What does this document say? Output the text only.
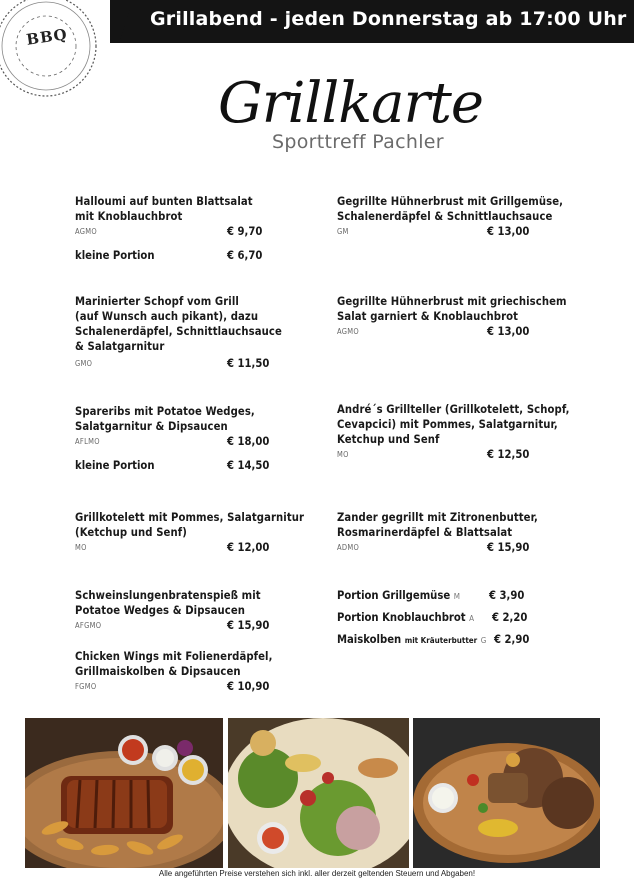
Grillabend - jeden Donnerstag ab 17:00 Uhr
BBQ
Grillkarte
Sporttreff Pachler
Halloumi auf bunten Blattsalat
mit Knoblauchbrot
AGMO	€ 9,70
kleine Portion	€ 6,70
Marinierter Schopf vom Grill
(auf Wunsch auch pikant), dazu
Schalenerdäpfel, Schnittlauchsauce
& Salatgarnitur
GMO	€ 11,50
Spareribs mit Potatoe Wedges,
Salatgarnitur & Dipsaucen
AFLMO	€ 18,00
kleine Portion	€ 14,50
Grillkotelett mit Pommes, Salatgarnitur
(Ketchup und Senf)
MO	€ 12,00
Schweinslungenbratenspieß mit
Potatoe Wedges & Dipsaucen
AFGMO	€ 15,90
Chicken Wings mit Folienerdäpfel,
Grillmaiskolben & Dipsaucen
FGMO	€ 10,90
Gegrillte Hühnerbrust mit Grillgemüse,
Schalenerdäpfel & Schnittlauchsauce
GM	€ 13,00
Gegrillte Hühnerbrust mit griechischem
Salat garniert & Knoblauchbrot
AGMO	€ 13,00
André´s Grillteller (Grillkotelett, Schopf,
Cevapcici) mit Pommes, Salatgarnitur,
Ketchup und Senf
MO	€ 12,50
Zander gegrillt mit Zitronenbutter,
Rosmarinerdäpfel & Blattsalat
ADMO	€ 15,90
Portion Grillgemüse M	€ 3,90
Portion Knoblauchbrot A € 2,20
Maiskolben mit Kräuterbutter G € 2,90
Alle angeführten Preise verstehen sich inkl. aller derzeit geltenden Steuern und Abgaben!
